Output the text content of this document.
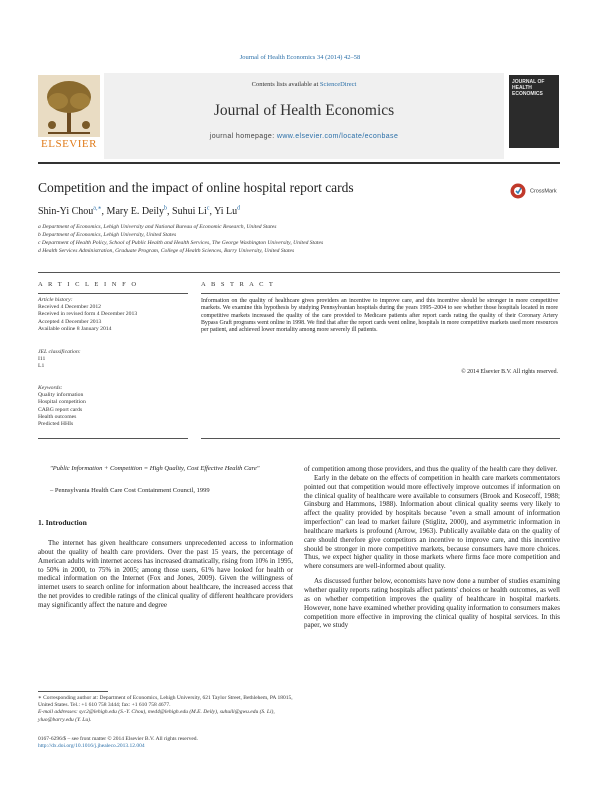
Journal of Health Economics 34 (2014) 42–58
Contents lists available at ScienceDirect
Journal of Health Economics
journal homepage: www.elsevier.com/locate/econbase
ELSEVIER
JOURNAL OF HEALTH ECONOMICS
Competition and the impact of online hospital report cards	CrossMark
Shin-Yi Chou$^{a,∗}$, Mary E. Deily$^b$, Suhui Li$^c$, Yi Lu$^d$
a Department of Economics, Lehigh University and National Bureau of Economic Research, United States
b Department of Economics, Lehigh University, United States
c Department of Health Policy, School of Public Health and Health Services, The George Washington University, United States
d Health Services Administration, Graduate Program, College of Health Sciences, Barry University, United States
A R T I C L E I N F O	A B S T R A C T
Article history:
Received 4 December 2012
Received in revised form 4 December 2013
Accepted 4 December 2013
Available online 8 January 2014
JEL classification:
I11
L1
Keywords:
Quality information
Hospital competition
CABG report cards
Health outcomes
Predicted HHIs
Information on the quality of healthcare gives providers an incentive to improve care, and this incentive should be stronger in more competitive markets. We examine this hypothesis by studying Pennsylvanian hospitals during the years 1995–2004 to see whether those hospitals located in more competitive markets increased the quality of the care provided to Medicare patients after report cards rating the quality of their Coronary Artery Bypass Graft programs went online in 1998. We find that after the report cards went online, hospitals in more competitive markets used more resources per patient, and achieved lower mortality among more severely ill patients.
© 2014 Elsevier B.V. All rights reserved.
"Public Information + Competition = High Quality, Cost Effective Health Care"
– Pennsylvania Health Care Cost Containment Council, 1999
1. Introduction

The internet has given healthcare consumers unprecedented access to information about the quality of health care providers. Over the past 15 years, the percentage of American adults with internet access has increased dramatically, rising from 10% in 1995, to 50% in 2000, to 75% in 2005; among those users, 61% have looked for health or medical information on the Internet (Fox and Jones, 2009). Given the willingness of internet users to search online for information about healthcare, the increased access that the net provides to credible ratings of the clinical quality of different healthcare providers may significantly affect the nature and degree

of competition among those providers, and thus the quality of the health care they deliver.

Early in the debate on the effects of competition in health care markets commentators pointed out that competition would more effectively improve outcomes if information on the clinical quality of healthcare were available to consumers (Brook and Kosecoff, 1988; Ginsburg and Hammons, 1988). Information about clinical quality seems very likely to affect the quality provided by hospitals because "even a small amount of information imperfection" can lead to market failure (Stiglitz, 2000), and asymmetric information in healthcare markets is profound (Arrow, 1963). Publically available data on the quality of care should therefore give competitors an incentive to improve care, and this incentive should be stronger in more competitive markets, because consumers have more choices. Thus, we expect higher quality in those markets where firms face more competition and where consumers are well-informed about quality.

As discussed further below, economists have now done a number of studies examining whether quality reports rating hospitals affect patients' choices or health outcomes, as well as on whether competition improves the quality of healthcare in hospital markets. However, none have examined whether providing quality information to consumers makes competition more effective in improving the clinical quality of hospital services. In this paper, we study

∗ Corresponding author at: Department of Economics, Lehigh University, 621 Taylor Street, Bethlehem, PA 18015, United States. Tel.: +1 610 758 3444; fax: +1 610 758 4677.
E-mail addresses: syc2@lehigh.edu (S.-Y. Chou), med4@lehigh.edu (M.E. Deily), suhuili@gwu.edu (S. Li), yluo@barry.edu (Y. Lu).
0167-6296/$ – see front matter © 2014 Elsevier B.V. All rights reserved.
http://dx.doi.org/10.1016/j.jhealeco.2013.12.004
